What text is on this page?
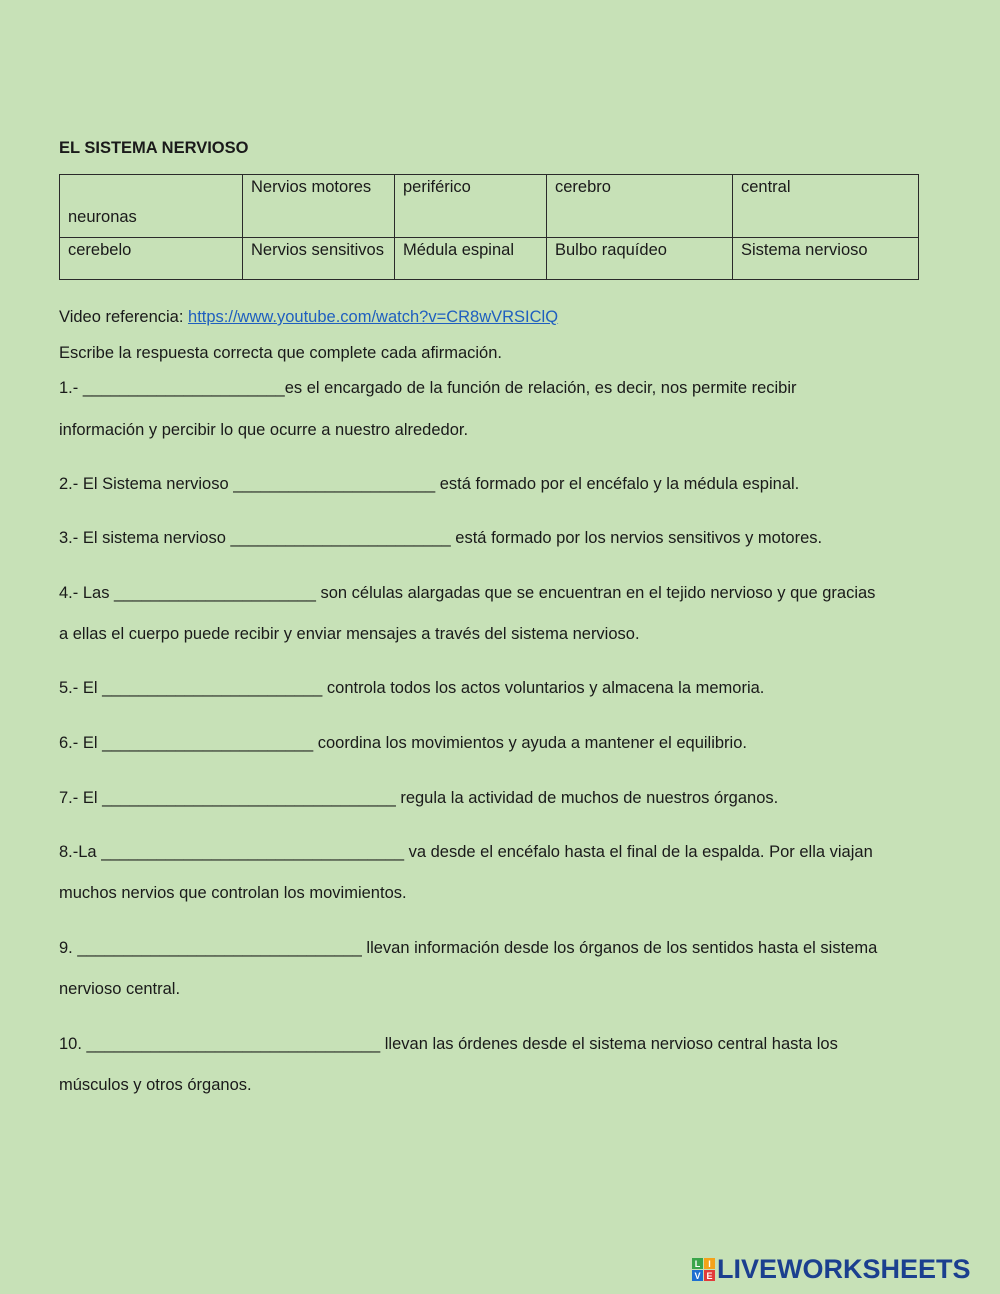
EL SISTEMA NERVIOSO
neuronas	Nervios motores	periférico	cerebro	central
cerebelo	Nervios sensitivos	Médula espinal	Bulbo raquídeo	Sistema nervioso
Video referencia: https://www.youtube.com/watch?v=CR8wVRSIClQ
Escribe la respuesta correcta que complete cada afirmación.
1.- ______________________es el encargado de la función de relación, es decir, nos permite recibir
información y percibir lo que ocurre a nuestro alrededor.
2.- El Sistema nervioso ______________________ está formado por el encéfalo y la médula espinal.
3.- El sistema nervioso ________________________ está formado por los nervios sensitivos y motores.
4.- Las ______________________ son células alargadas que se encuentran en el tejido nervioso y que gracias
a ellas el cuerpo puede recibir y enviar mensajes a través del sistema nervioso.
5.- El ________________________ controla todos los actos voluntarios y almacena la memoria.
6.- El _______________________ coordina los movimientos y ayuda a mantener el equilibrio.
7.- El ________________________________ regula la actividad de muchos de nuestros órganos.
8.-La _________________________________ va desde el encéfalo hasta el final de la espalda. Por ella viajan
muchos nervios que controlan los movimientos.
9. _______________________________ llevan información desde los órganos de los sentidos hasta el sistema
nervioso central.
10. ________________________________ llevan las órdenes desde el sistema nervioso central hasta los
músculos y otros órganos.
L I
V E LIVEWORKSHEETS
